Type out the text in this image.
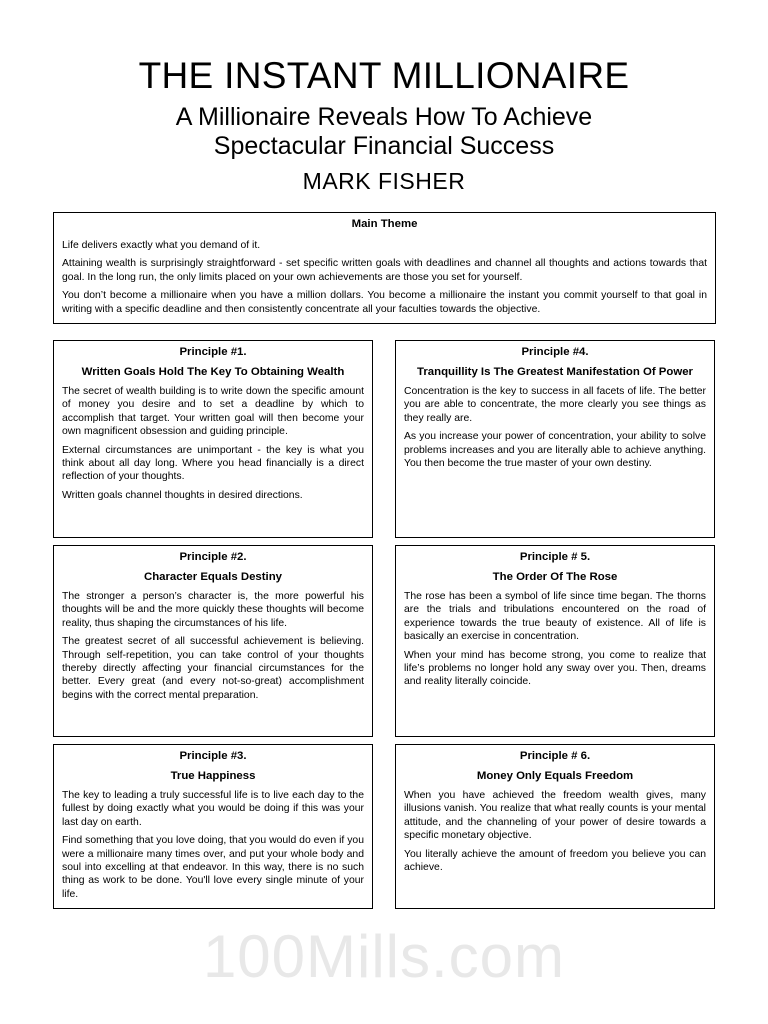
THE INSTANT MILLIONAIRE
A Millionaire Reveals How To Achieve
Spectacular Financial Success
MARK FISHER
Main Theme

Life delivers exactly what you demand of it.

Attaining wealth is surprisingly straightforward - set specific written goals with deadlines and channel all thoughts and actions towards that goal. In the long run, the only limits placed on your own achievements are those you set for yourself.

You don’t become a millionaire when you have a million dollars. You become a millionaire the instant you commit yourself to that goal in writing with a specific deadline and then consistently concentrate all your faculties towards the objective.

Principle #1.
Written Goals Hold The Key To Obtaining Wealth

The secret of wealth building is to write down the specific amount of money you desire and to set a deadline by which to accomplish that target. Your written goal will then become your own magnificent obsession and guiding principle.

External circumstances are unimportant - the key is what you think about all day long. Where you head financially is a direct reflection of your thoughts.

Written goals channel thoughts in desired directions.

Principle #4.
Tranquillity Is The Greatest Manifestation Of Power

Concentration is the key to success in all facets of life. The better you are able to concentrate, the more clearly you see things as they really are.

As you increase your power of concentration, your ability to solve problems increases and you are literally able to achieve anything. You then become the true master of your own destiny.

Principle #2.
Character Equals Destiny

The stronger a person’s character is, the more powerful his thoughts will be and the more quickly these thoughts will become reality, thus shaping the circumstances of his life.

The greatest secret of all successful achievement is believing. Through self-repetition, you can take control of your thoughts thereby directly affecting your financial circumstances for the better. Every great (and every not-so-great) accomplishment begins with the correct mental preparation.

Principle # 5.
The Order Of The Rose

The rose has been a symbol of life since time began. The thorns are the trials and tribulations encountered on the road of experience towards the true beauty of existence. All of life is basically an exercise in concentration.

When your mind has become strong, you come to realize that life’s problems no longer hold any sway over you. Then, dreams and reality literally coincide.

Principle #3.
True Happiness

The key to leading a truly successful life is to live each day to the fullest by doing exactly what you would be doing if this was your last day on earth.

Find something that you love doing, that you would do even if you were a millionaire many times over, and put your whole body and soul into excelling at that endeavor. In this way, there is no such thing as work to be done. You'll love every single minute of your life.

Principle # 6.
Money Only Equals Freedom

When you have achieved the freedom wealth gives, many illusions vanish. You realize that what really counts is your mental attitude, and the channeling of your power of desire towards a specific monetary objective.

You literally achieve the amount of freedom you believe you can achieve.

100Mills.com
